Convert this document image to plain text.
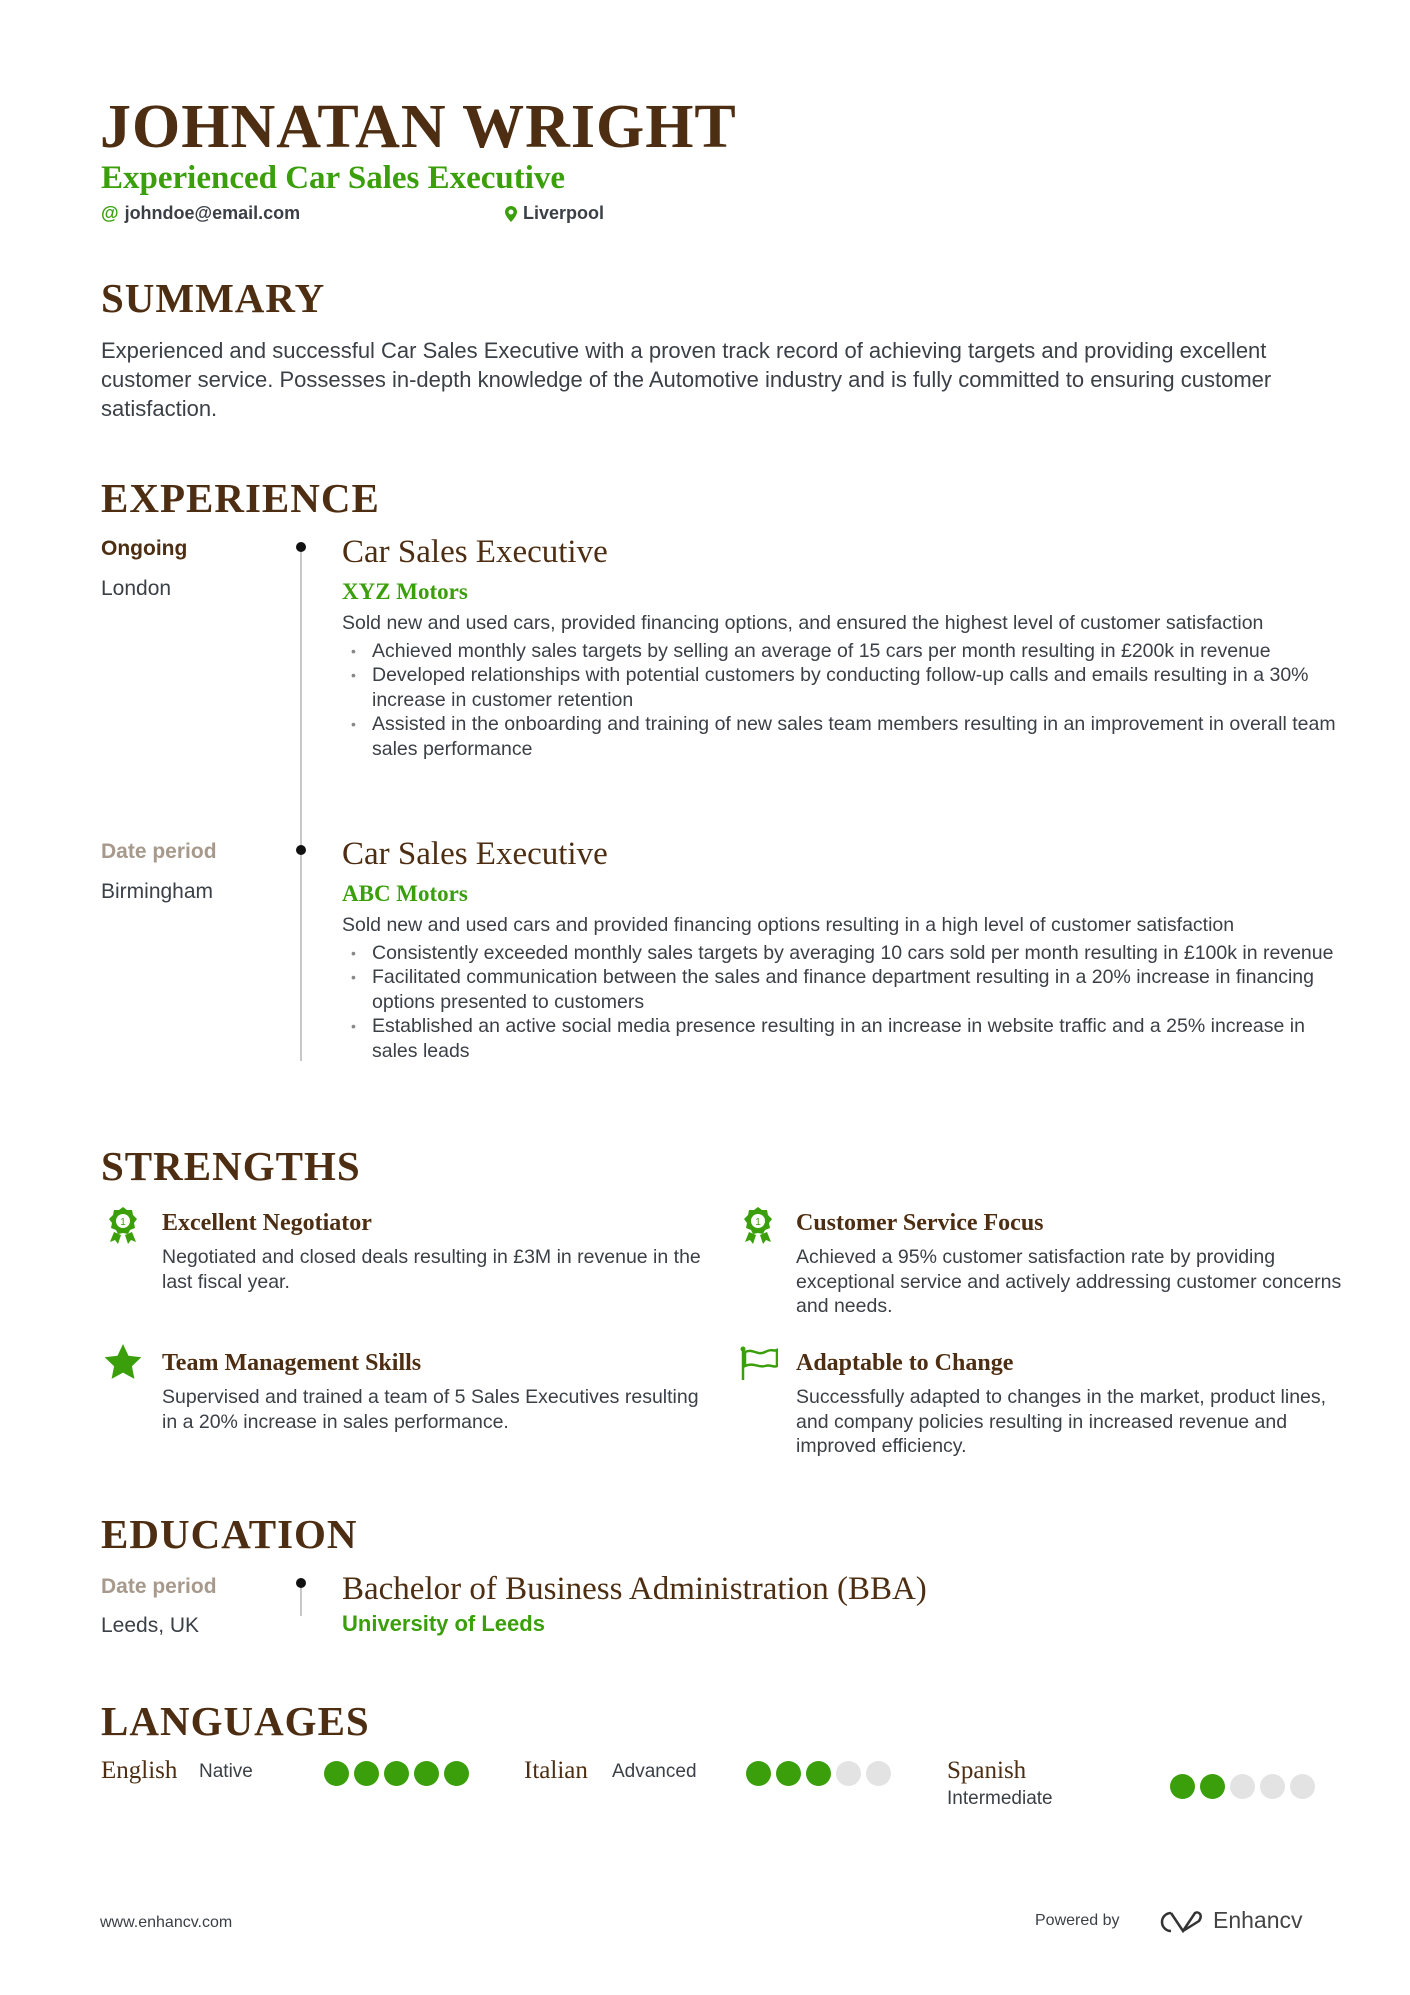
JOHNATAN WRIGHT
Experienced Car Sales Executive
@ johndoe@email.com	Liverpool
SUMMARY
Experienced and successful Car Sales Executive with a proven track record of achieving targets and providing excellent customer service. Possesses in-depth knowledge of the Automotive industry and is fully committed to ensuring customer satisfaction.
EXPERIENCE
Ongoing
London
Car Sales Executive
XYZ Motors
Sold new and used cars, provided financing options, and ensured the highest level of customer satisfaction
• Achieved monthly sales targets by selling an average of 15 cars per month resulting in £200k in revenue
• Developed relationships with potential customers by conducting follow-up calls and emails resulting in a 30% increase in customer retention
• Assisted in the onboarding and training of new sales team members resulting in an improvement in overall team sales performance
Date period
Birmingham
Car Sales Executive
ABC Motors
Sold new and used cars and provided financing options resulting in a high level of customer satisfaction
• Consistently exceeded monthly sales targets by averaging 10 cars sold per month resulting in £100k in revenue
• Facilitated communication between the sales and finance department resulting in a 20% increase in financing options presented to customers
• Established an active social media presence resulting in an increase in website traffic and a 25% increase in sales leads
STRENGTHS
1 Excellent Negotiator
Negotiated and closed deals resulting in £3M in revenue in the last fiscal year.
1 Customer Service Focus
Achieved a 95% customer satisfaction rate by providing exceptional service and actively addressing customer concerns and needs.
Team Management Skills
Supervised and trained a team of 5 Sales Executives resulting in a 20% increase in sales performance.
Adaptable to Change
Successfully adapted to changes in the market, product lines, and company policies resulting in increased revenue and improved efficiency.
EDUCATION
Date period
Leeds, UK
Bachelor of Business Administration (BBA)
University of Leeds
LANGUAGES
English Native	Italian Advanced	Spanish
Intermediate
www.enhancv.com	Powered by	Enhancv
